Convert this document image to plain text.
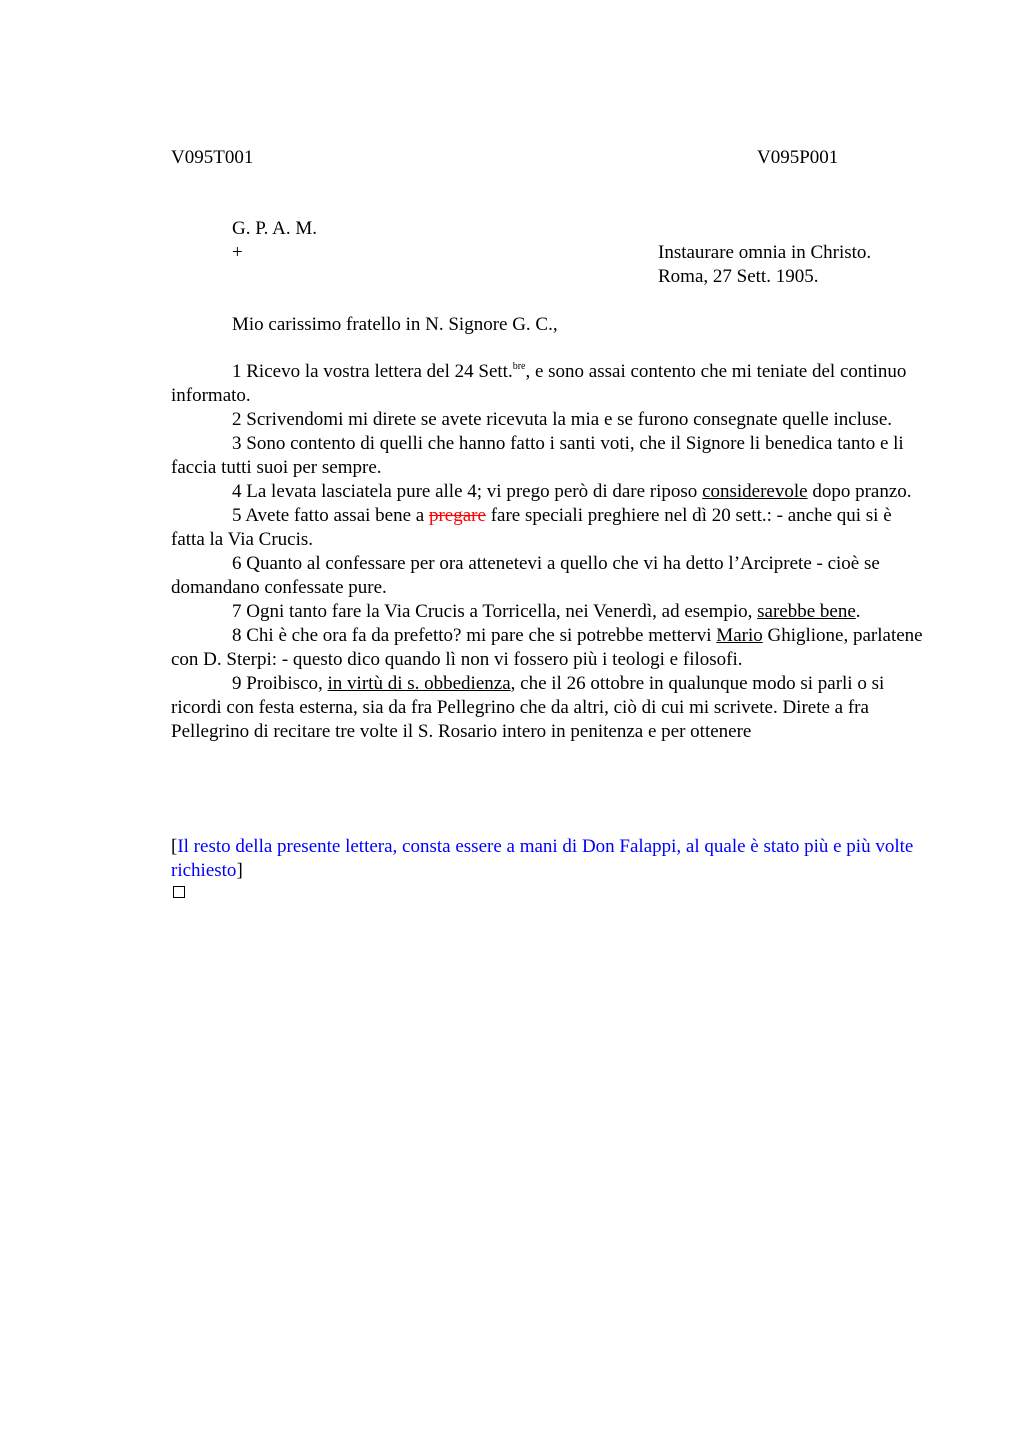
V095T001	V095P001
G. P. A. M.
+	Instaurare omnia in Christo.
Roma, 27 Sett. 1905.
Mio carissimo fratello in N. Signore G. C.,

1 Ricevo la vostra lettera del 24 Sett.$^{bre}$, e sono assai contento che mi teniate del continuo informato.

2 Scrivendomi mi direte se avete ricevuta la mia e se furono consegnate quelle incluse.

3 Sono contento di quelli che hanno fatto i santi voti, che il Signore li benedica tanto e li faccia tutti suoi per sempre.

4 La levata lasciatela pure alle 4; vi prego però di dare riposo considerevole dopo pranzo.

5 Avete fatto assai bene a pregare fare speciali preghiere nel dì 20 sett.: - anche qui si è fatta la Via Crucis.

6 Quanto al confessare per ora attenetevi a quello che vi ha detto l’Arciprete - cioè se domandano confessate pure.

7 Ogni tanto fare la Via Crucis a Torricella, nei Venerdì, ad esempio, sarebbe bene.

8 Chi è che ora fa da prefetto? mi pare che si potrebbe mettervi Mario Ghiglione, parlatene con D. Sterpi: - questo dico quando lì non vi fossero più i teologi e filosofi.

9 Proibisco, in virtù di s. obbedienza, che il 26 ottobre in qualunque modo si parli o si ricordi con festa esterna, sia da fra Pellegrino che da altri, ciò di cui mi scrivete. Direte a fra Pellegrino di recitare tre volte il S. Rosario intero in penitenza e per ottenere

[Il resto della presente lettera, consta essere a mani di Don Falappi, al quale è stato più e più volte richiesto]
